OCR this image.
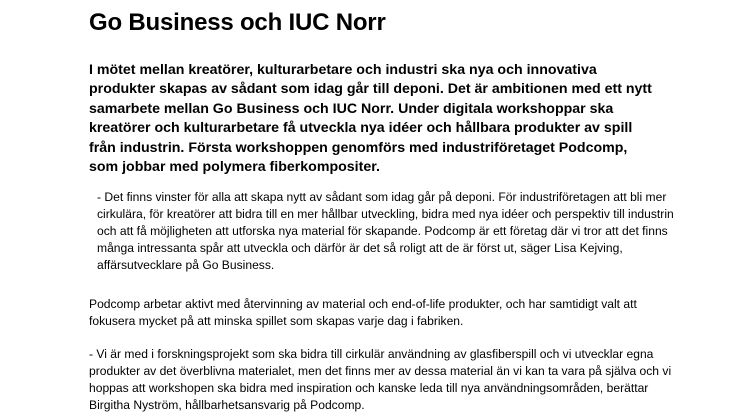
Go Business och IUC Norr

I mötet mellan kreatörer, kulturarbetare och industri ska nya och innovativa produkter skapas av sådant som idag går till deponi. Det är ambitionen med ett nytt samarbete mellan Go Business och IUC Norr. Under digitala workshoppar ska kreatörer och kulturarbetare få utveckla nya idéer och hållbara produkter av spill från industrin. Första workshoppen genomförs med industriföretaget Podcomp, som jobbar med polymera fiberkompositer.

- Det finns vinster för alla att skapa nytt av sådant som idag går på deponi. För industriföretagen att bli mer cirkulära, för kreatörer att bidra till en mer hållbar utveckling, bidra med nya idéer och perspektiv till industrin och att få möjligheten att utforska nya material för skapande. Podcomp är ett företag där vi tror att det finns många intressanta spår att utveckla och därför är det så roligt att de är först ut, säger Lisa Kejving, affärsutvecklare på Go Business.

Podcomp arbetar aktivt med återvinning av material och end-of-life produkter, och har samtidigt valt att fokusera mycket på att minska spillet som skapas varje dag i fabriken.

- Vi är med i forskningsprojekt som ska bidra till cirkulär användning av glasfiberspill och vi utvecklar egna produkter av det överblivna materialet, men det finns mer av dessa material än vi kan ta vara på själva och vi hoppas att workshopen ska bidra med inspiration och kanske leda till nya användningsområden, berättar Birgitha Nyström, hållbarhetsansvarig på Podcomp.
